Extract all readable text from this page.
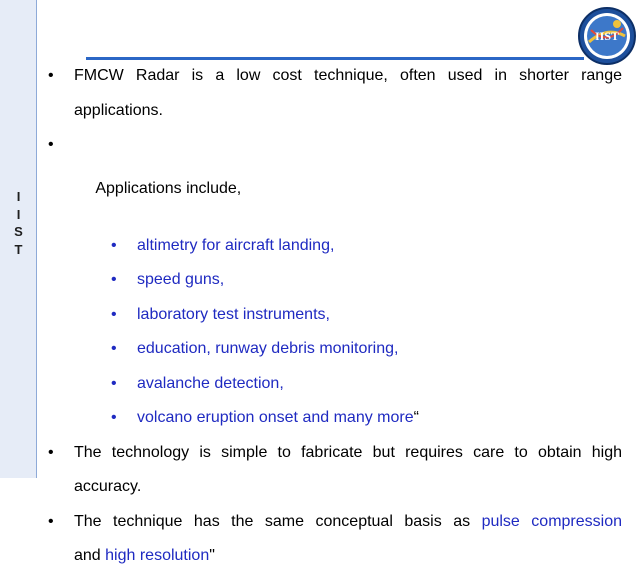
I
I
S
T
IIST
• FMCW Radar is a low cost technique, often used in shorter range
applications.

•

Applications include,

• altimetry for aircraft landing,
• speed guns,
• laboratory test instruments,
• education, runway debris monitoring,
• avalanche detection,
• volcano eruption onset and many more“
• The technology is simple to fabricate but requires care to obtain high
accuracy.
• The technique has the same conceptual basis as pulse compression
and high resolution"
